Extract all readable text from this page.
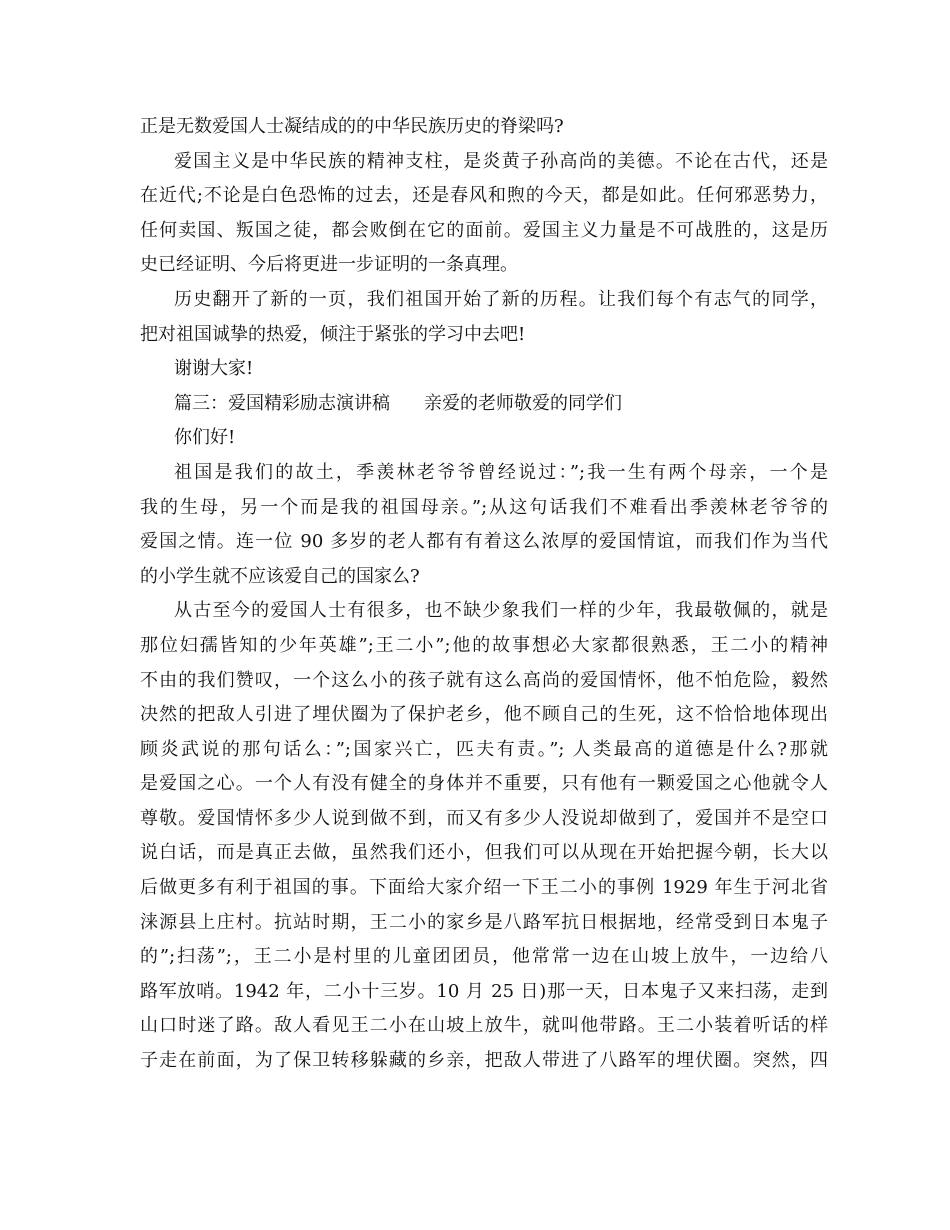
正是无数爱国人士凝结成的的中华民族历史的脊梁吗?
爱国主义是中华民族的精神支柱，是炎黄子孙高尚的美德。不论在古代，还是
在近代;不论是白色恐怖的过去，还是春风和煦的今天，都是如此。任何邪恶势力，
任何卖国、叛国之徒，都会败倒在它的面前。爱国主义力量是不可战胜的，这是历
史已经证明、今后将更进一步证明的一条真理。
历史翻开了新的一页，我们祖国开始了新的历程。让我们每个有志气的同学，
把对祖国诚挚的热爱，倾注于紧张的学习中去吧!
谢谢大家!
篇三：爱国精彩励志演讲稿 亲爱的老师敬爱的同学们
你们好!
祖国是我们的故土，季羡林老爷爷曾经说过：”;我一生有两个母亲，一个是
我的生母，另一个而是我的祖国母亲。”;从这句话我们不难看出季羡林老爷爷的
爱国之情。连一位 90 多岁的老人都有有着这么浓厚的爱国情谊，而我们作为当代
的小学生就不应该爱自己的国家么?
从古至今的爱国人士有很多，也不缺少象我们一样的少年，我最敬佩的，就是
那位妇孺皆知的少年英雄”;王二小”;他的故事想必大家都很熟悉，王二小的精神
不由的我们赞叹，一个这么小的孩子就有这么高尚的爱国情怀，他不怕危险，毅然
决然的把敌人引进了埋伏圈为了保护老乡，他不顾自己的生死，这不恰恰地体现出
顾炎武说的那句话么：”;国家兴亡，匹夫有责。”; 人类最高的道德是什么?那就
是爱国之心。一个人有没有健全的身体并不重要，只有他有一颗爱国之心他就令人
尊敬。爱国情怀多少人说到做不到，而又有多少人没说却做到了，爱国并不是空口
说白话，而是真正去做，虽然我们还小，但我们可以从现在开始把握今朝，长大以
后做更多有利于祖国的事。下面给大家介绍一下王二小的事例 1929 年生于河北省
涞源县上庄村。抗站时期，王二小的家乡是八路军抗日根据地，经常受到日本鬼子
的”;扫荡”;，王二小是村里的儿童团团员，他常常一边在山坡上放牛，一边给八
路军放哨。1942 年，二小十三岁。10 月 25 日)那一天，日本鬼子又来扫荡，走到
山口时迷了路。敌人看见王二小在山坡上放牛，就叫他带路。王二小装着听话的样
子走在前面，为了保卫转移躲藏的乡亲，把敌人带进了八路军的埋伏圈。突然，四
